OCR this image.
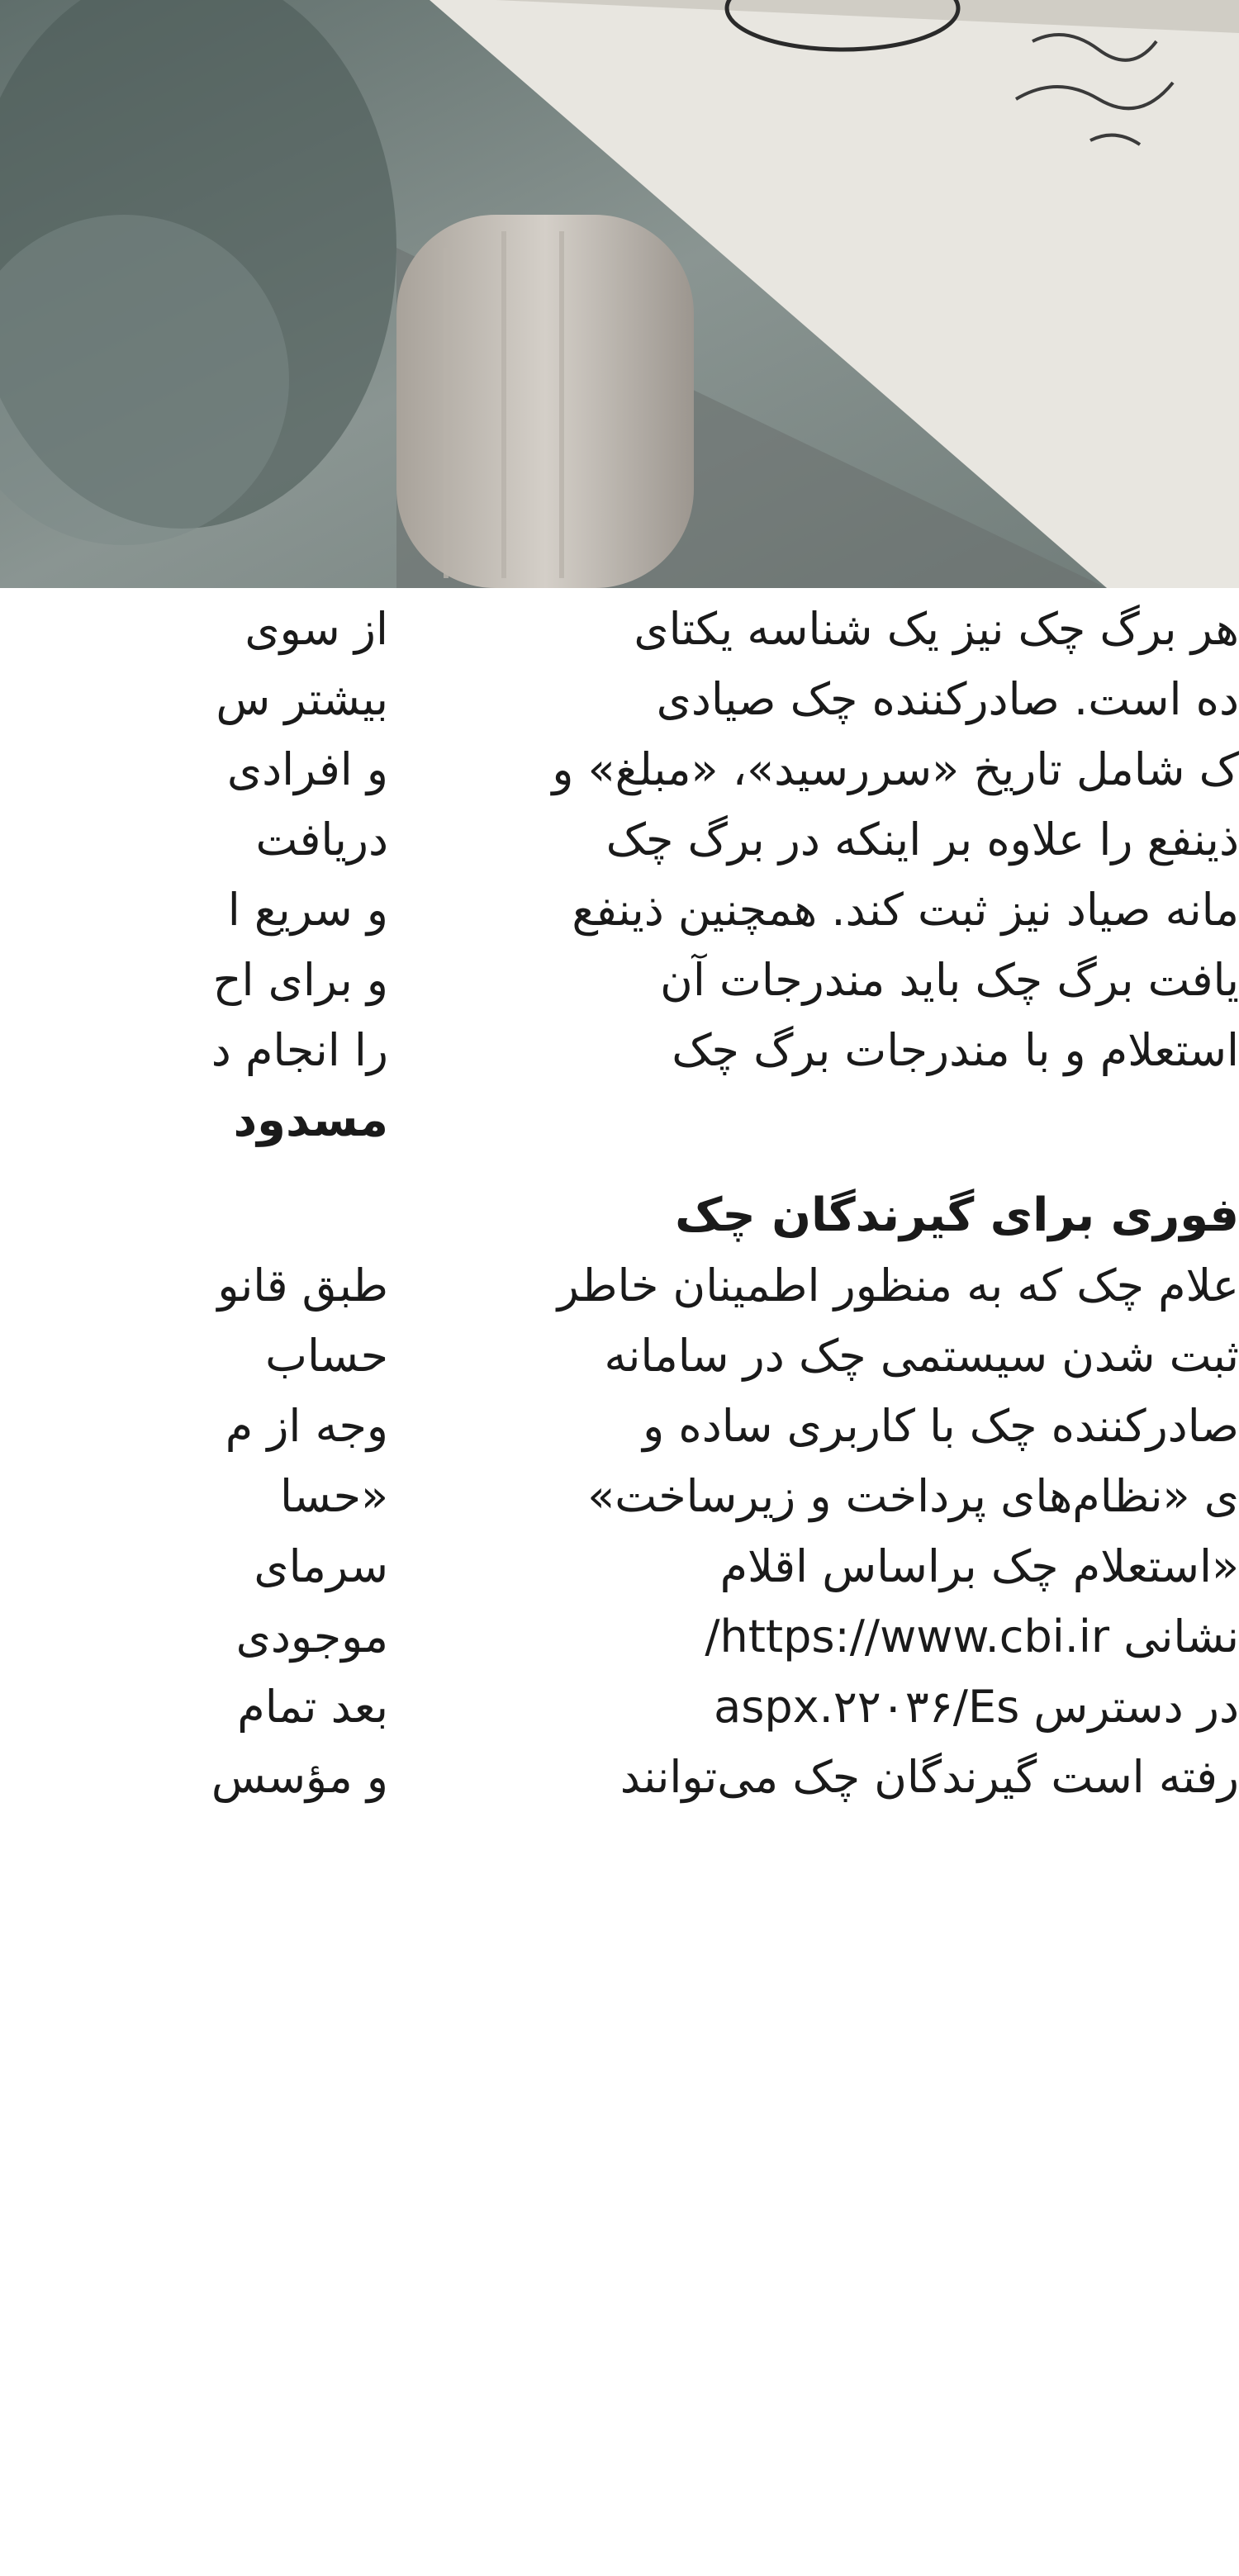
از سوی
بیشتر س
و افرادی
دریافت
و سریع ا
و برای اح
را انجام د
مسدود
طبق قانو
حساب
وجه از م
«حسا
سرمای
موجودی
بعد تمام
و مؤسس
هر برگ چک نیز یک شناسه یکتای
ده است. صادرکننده چک صیادی
ک شامل تاریخ «سررسید»، «مبلغ» و
ذینفع را علاوه بر اینکه در برگ چک
مانه صیاد نیز ثبت کند. همچنین ذینفع
یافت برگ چک باید مندرجات آن
استعلام و با مندرجات برگ چک
فوری برای گیرندگان چک
علام چک که به منظور اطمینان خاطر
ثبت شدن سیستمی چک در سامانه
صادرکننده چک با کاربری ساده و
ی «نظام‌های پرداخت و زیرساخت»
«استعلام چک براساس اقلام
نشانی https://www.cbi.ir/
در دسترس aspx.۲۲۰۳۶/Es
رفته است گیرندگان چک می‌توانند
